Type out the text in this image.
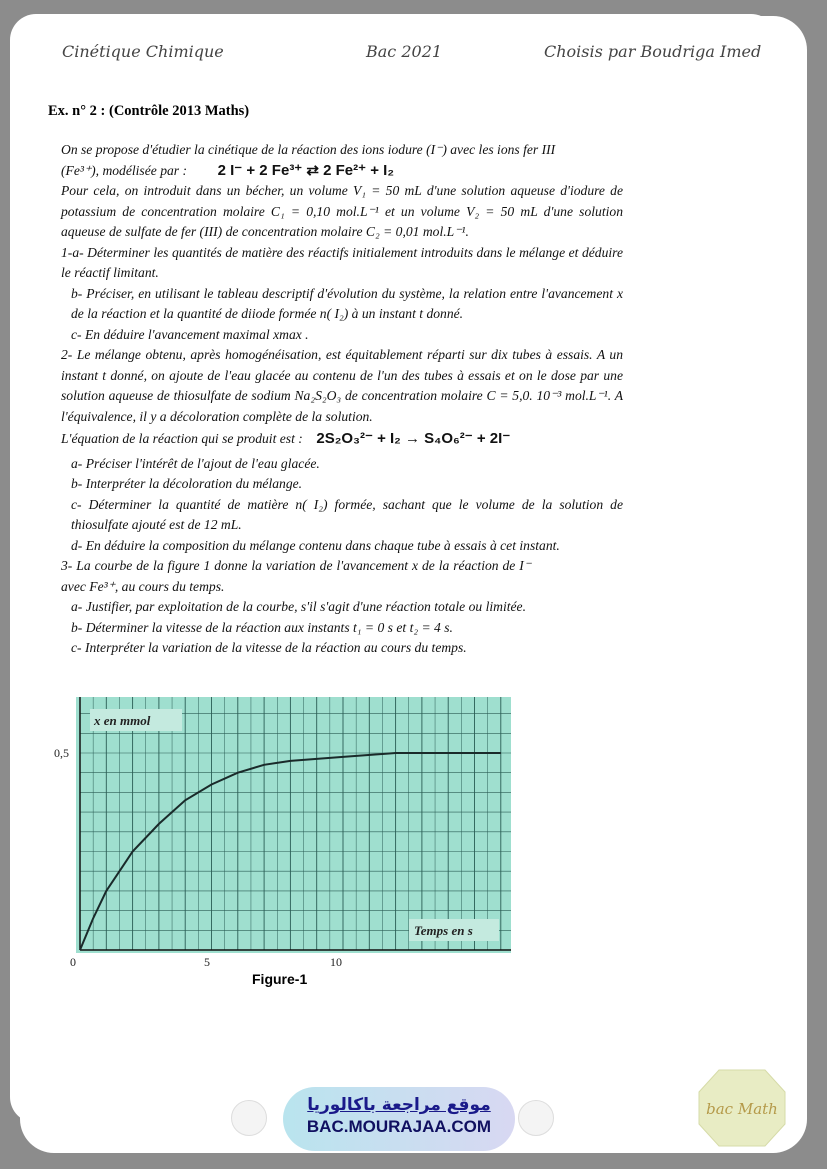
Cinétique Chimique	Bac 2021	Choisis par Boudriga Imed
Ex. n° 2 : (Contrôle 2013 Maths)

On se propose d'étudier la cinétique de la réaction des ions iodure (I⁻) avec les ions fer III

(Fe³⁺), modélisée par : 2 I⁻ + 2 Fe³⁺ ⇄ 2 Fe²⁺ + I₂

Pour cela, on introduit dans un bécher, un volume V₁ = 50 mL d'une solution aqueuse d'iodure de potassium de concentration molaire C₁ = 0,10 mol.L⁻¹ et un volume V₂ = 50 mL d'une solution aqueuse de sulfate de fer (III) de concentration molaire C₂ = 0,01 mol.L⁻¹.

1-a- Déterminer les quantités de matière des réactifs initialement introduits dans le mélange et déduire le réactif limitant.

b- Préciser, en utilisant le tableau descriptif d'évolution du système, la relation entre l'avancement x de la réaction et la quantité de diiode formée n( I₂) à un instant t donné.

c- En déduire l'avancement maximal xmax .

2- Le mélange obtenu, après homogénéisation, est équitablement réparti sur dix tubes à essais. A un instant t donné, on ajoute de l'eau glacée au contenu de l'un des tubes à essais et on le dose par une solution aqueuse de thiosulfate de sodium Na₂S₂O₃ de concentration molaire C = 5,0. 10⁻³ mol.L⁻¹. A l'équivalence, il y a décoloration complète de la solution.

L'équation de la réaction qui se produit est : 2S₂O₃²⁻ + I₂ → S₄O₆²⁻ + 2I⁻

a- Préciser l'intérêt de l'ajout de l'eau glacée.

b- Interpréter la décoloration du mélange.

c- Déterminer la quantité de matière n( I₂) formée, sachant que le volume de la solution de thiosulfate ajouté est de 12 mL.

d- En déduire la composition du mélange contenu dans chaque tube à essais à cet instant.

3- La courbe de la figure 1 donne la variation de l'avancement x de la réaction de I⁻ avec Fe³⁺, au cours du temps.

a- Justifier, par exploitation de la courbe, s'il s'agit d'une réaction totale ou limitée.

b- Déterminer la vitesse de la réaction aux instants t₁ = 0 s et t₂ = 4 s.

c- Interpréter la variation de la vitesse de la réaction au cours du temps.

x en mmol
Temps en s
0,5
0	5	10
Figure-1
موقع مراجعة باكالوريا
BAC.MOURAJAA.COM
bac Math
